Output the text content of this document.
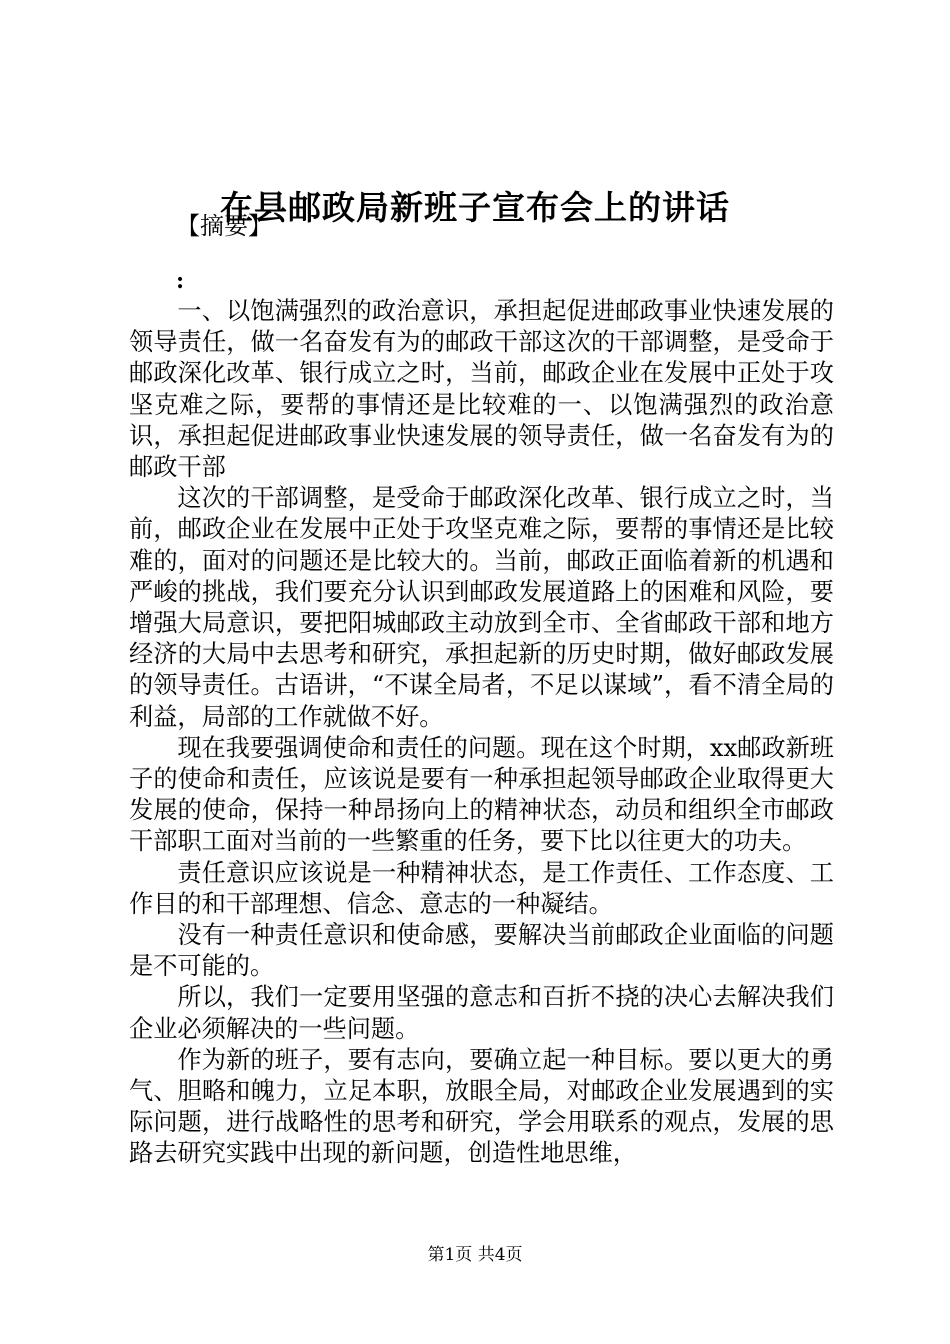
在县邮政局新班子宣布会上的讲话
【摘要】
:

一、以饱满强烈的政治意识，承担起促进邮政事业快速发展的领导责任，做一名奋发有为的邮政干部这次的干部调整，是受命于邮政深化改革、银行成立之时，当前，邮政企业在发展中正处于攻坚克难之际，要帮的事情还是比较难的一、以饱满强烈的政治意识，承担起促进邮政事业快速发展的领导责任，做一名奋发有为的邮政干部

这次的干部调整，是受命于邮政深化改革、银行成立之时，当前，邮政企业在发展中正处于攻坚克难之际，要帮的事情还是比较难的，面对的问题还是比较大的。当前，邮政正面临着新的机遇和严峻的挑战，我们要充分认识到邮政发展道路上的困难和风险，要增强大局意识，要把阳城邮政主动放到全市、全省邮政干部和地方经济的大局中去思考和研究，承担起新的历史时期，做好邮政发展的领导责任。古语讲，“不谋全局者，不足以谋域”，看不清全局的利益，局部的工作就做不好。

现在我要强调使命和责任的问题。现在这个时期，xx邮政新班子的使命和责任，应该说是要有一种承担起领导邮政企业取得更大发展的使命，保持一种昂扬向上的精神状态，动员和组织全市邮政干部职工面对当前的一些繁重的任务，要下比以往更大的功夫。

责任意识应该说是一种精神状态，是工作责任、工作态度、工作目的和干部理想、信念、意志的一种凝结。

没有一种责任意识和使命感，要解决当前邮政企业面临的问题是不可能的。

所以，我们一定要用坚强的意志和百折不挠的决心去解决我们企业必须解决的一些问题。

作为新的班子，要有志向，要确立起一种目标。要以更大的勇气、胆略和魄力，立足本职，放眼全局，对邮政企业发展遇到的实际问题，进行战略性的思考和研究，学会用联系的观点，发展的思路去研究实践中出现的新问题，创造性地思维，

第1页 共4页
